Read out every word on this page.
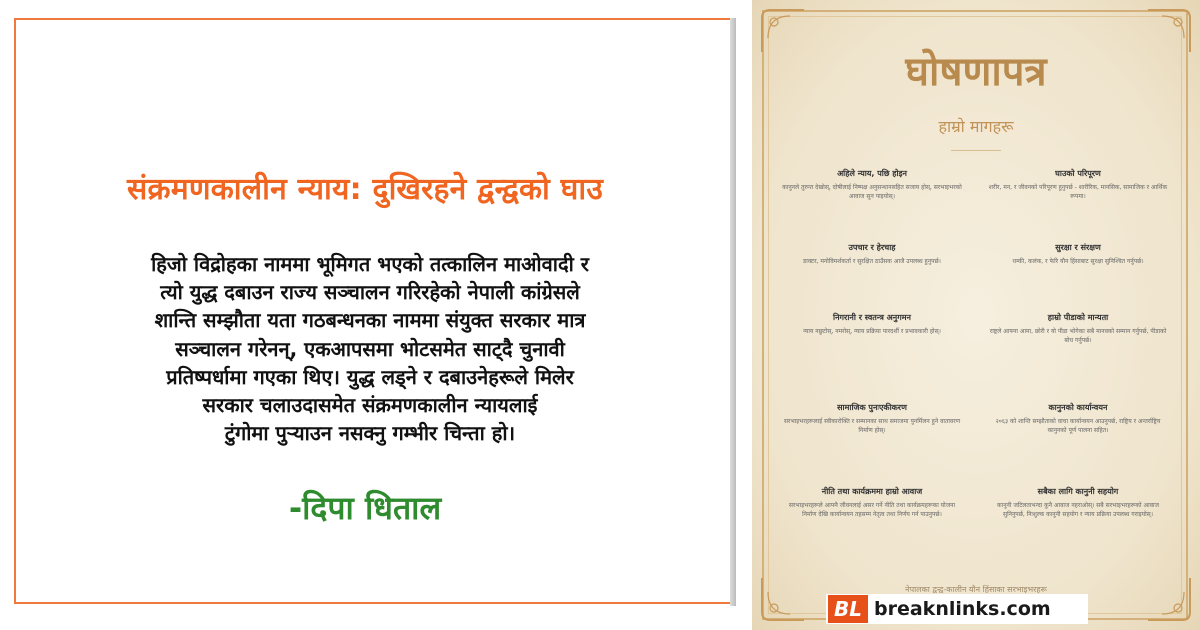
संक्रमणकालीन न्याय: दुखिरहने द्वन्द्वको घाउ
हिजो विद्रोहका नाममा भूमिगत भएको तत्कालिन माओवादी र
त्यो युद्ध दबाउन राज्य सञ्चालन गरिरहेको नेपाली कांग्रेसले
शान्ति सम्झौता यता गठबन्धनका नाममा संयुक्त सरकार मात्र
सञ्चालन गरेनन्, एकआपसमा भोटसमेत साट्दै चुनावी
प्रतिष्पर्धामा गएका थिए। युद्ध लड्ने र दबाउनेहरूले मिलेर
सरकार चलाउदासमेत संक्रमणकालीन न्यायलाई
टुंगोमा पुर्‍याउन नसक्नु गम्भीर चिन्ता हो।
-दिपा धिताल
घोषणापत्र
हाम्रो मागहरू
अहिले न्याय, पछि होइन
कानुनले तुरुन्त देखोस्, दोषीलाई निष्पक्ष अनुसन्धानसहित सजाय होस्, सरभाइभरको आवाज सुन पाइयोस्।
घाउको परिपूरण
शरीर, मन, र जीवनको परिपूरण हुनुपर्छ - शारीरिक, मानसिक, सामाजिक र आर्थिक रूपमा।
उपचार र हेरचाह
डाक्टर, मनोविमर्शकर्ता र सुरक्षित ठाउँसक आजै उपलब्ध हुनुपर्छ।
सुरक्षा र संरक्षण
धम्की, कलंक, र फेरि यौन हिंसाबाट सुरक्षा सुनिश्चित गर्नुपर्छ।
निगरानी र स्वतन्त्र अनुगमन
न्याय नछुटोस्, नमरोस्, न्याय प्रक्रिया पारदर्शी र प्रभावकारी होस्।
हाम्रो पीडाको मान्यता
राष्ट्रले आफ्ना आमा, छोरी र यो पीडा भोगेका सबै मानवको सम्मान गर्नुपर्छ, पीडाको बोध गर्नुपर्छ।
सामाजिक पुनःएकीकरण
सरभाइभरहरूलाई स्वीकारोक्ति र सम्मानका साथ समाजमा पुनर्मिलन हुने वातावरण निर्माण होस्।
कानुनको कार्यान्वयन
२०६३ को शान्ति सम्झौताको वाचा कार्यान्वयन आउनुपर्छ, राष्ट्रिय र अन्तर्राष्ट्रिय कानुनको पूर्ण पालना सहित।
नीति तथा कार्यक्रममा हाम्रो आवाज
सरभाइभरहरूले आफ्नै जीवनलाई असर गर्ने नीति तथा कार्यक्रमहरूका योजना निर्माण देखि कार्यान्वयन तहसम्म नेतृत्व तथा निर्णय गर्न पाउनुपर्छ।
सबैका लागि कानुनी सहयोग
कानुनी जटिलताभन्दा कुनै आवाज नहराओस्। सबै सरभाइभरहरूको आवाज सुनिनुपर्छ, निःशुल्क कानुनी सहयोग र न्याय प्रक्रिया उपलब्ध गराइयोस्।
नेपालका द्वन्द्व-कालीन यौन हिंसाका सरभाइभरहरू
BL breaknlinks.com
